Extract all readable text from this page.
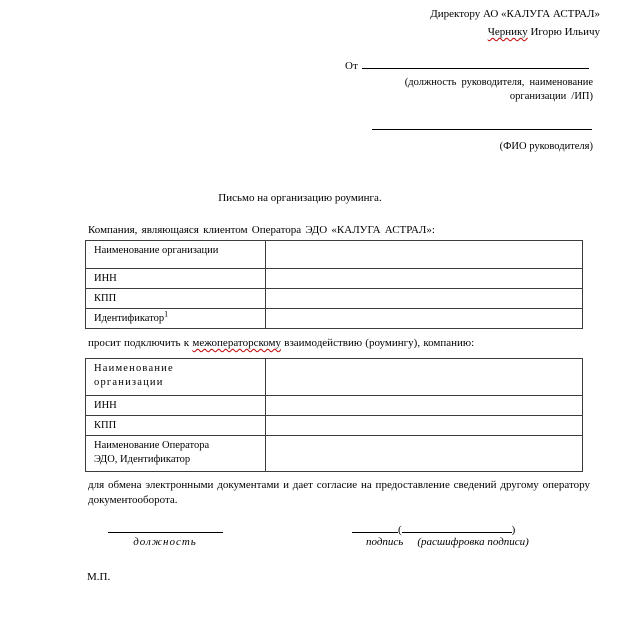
Директору АО «КАЛУГА АСТРАЛ»
Чернику Игорю Ильичу
От
(должность руководителя, наименование
организации /ИП)
(ФИО руководителя)
Письмо на организацию роуминга.
Компания, являющаяся клиентом Оператора ЭДО «КАЛУГА АСТРАЛ»:
Наименование организации	
ИНН	
КПП	
Идентификатор$^1$	
просит подключить к межоператорскому взаимодействию (роумингу), компанию:
Наименование организации	
ИНН	
КПП	
Наименование Оператора ЭДО, Идентификатор	
для обмена электронными документами и дает согласие на предоставление сведений другому оператору документооборота.
должность
(	)
подпись (расшифровка подписи)
М.П.
